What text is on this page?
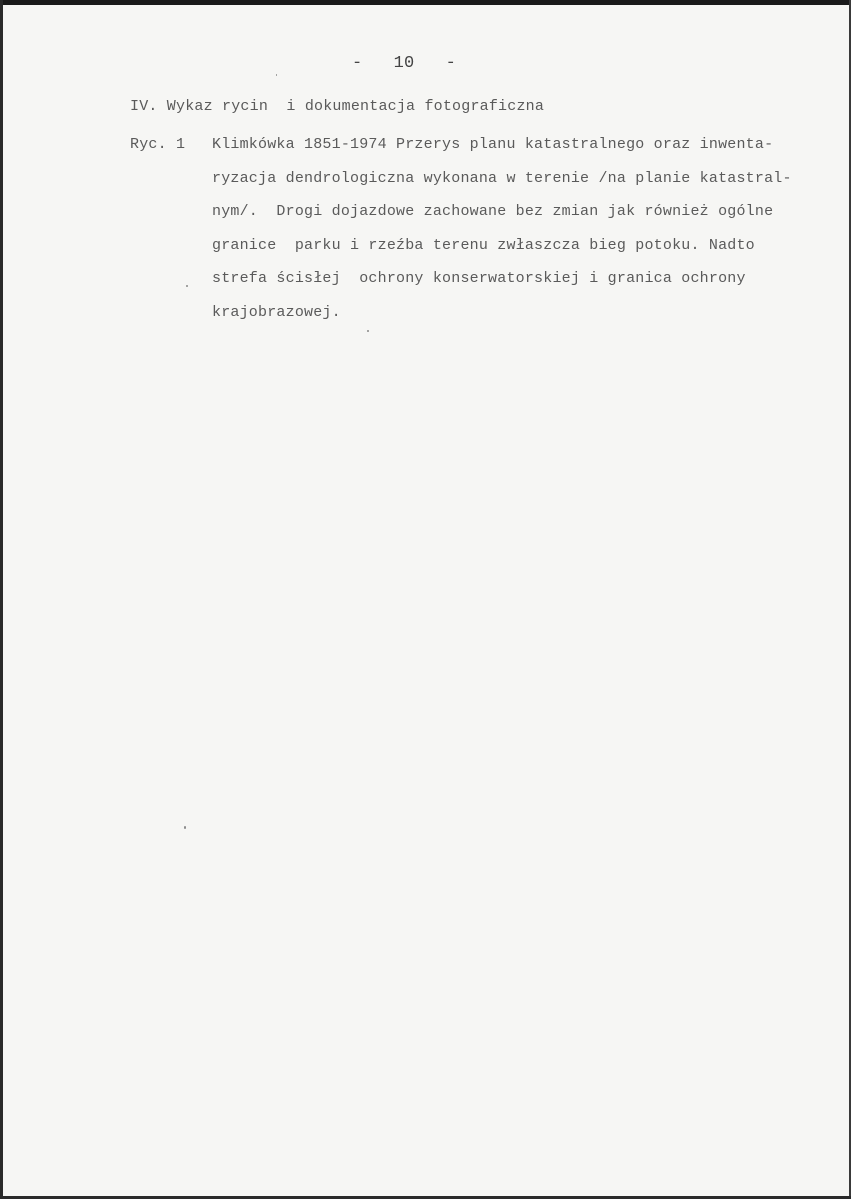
-   10   -
IV. Wykaz rycin  i dokumentacja fotograficzna
Ryc. 1 Klimkówka 1851-1974 Przerys planu katastralnego oraz inwenta-
ryzacja dendrologiczna wykonana w terenie /na planie katastral-
nym/.  Drogi dojazdowe zachowane bez zmian jak również ogólne
granice  parku i rzeźba terenu zwłaszcza bieg potoku. Nadto
strefa ścisłej  ochrony konserwatorskiej i granica ochrony
krajobrazowej.
